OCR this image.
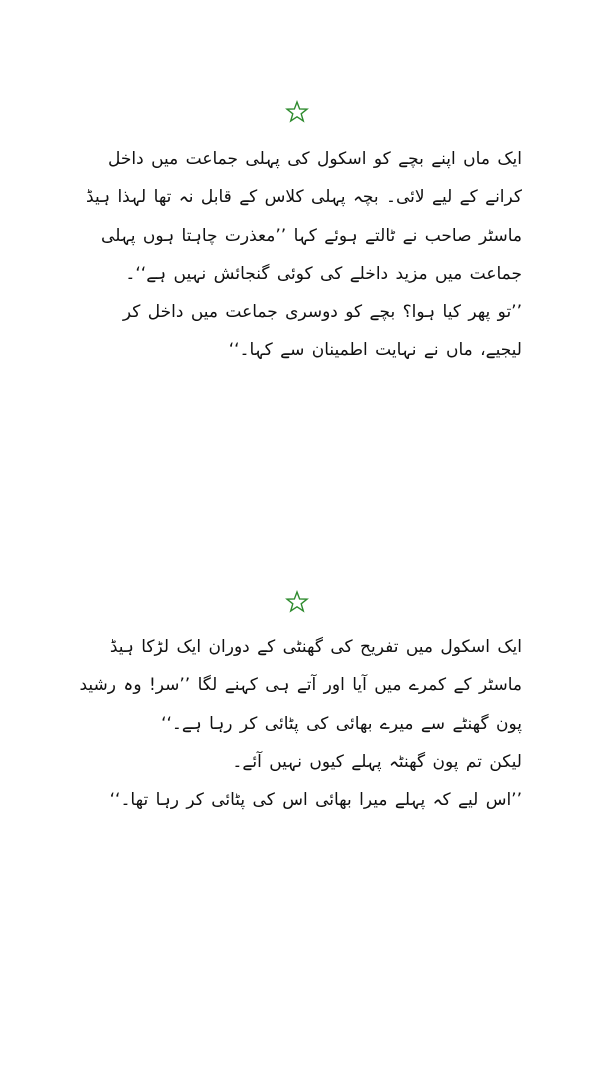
ایک ماں اپنے بچے کو اسکول کی پہلی جماعت میں داخل کرانے کے لیے لائی۔ بچہ پہلی کلاس کے قابل نہ تھا لہذا ہیڈ ماسٹر صاحب نے ٹالتے ہوئے کہا ’’معذرت چاہتا ہوں پہلی جماعت میں مزید داخلے کی کوئی گنجائش نہیں ہے‘‘۔

’’تو پھر کیا ہوا؟ بچے کو دوسری جماعت میں داخل کر لیجیے، ماں نے نہایت اطمینان سے کہا۔‘‘

ایک اسکول میں تفریح کی گھنٹی کے دوران ایک لڑکا ہیڈ ماسٹر کے کمرے میں آیا اور آتے ہی کہنے لگا ’’سر! وہ رشید پون گھنٹے سے میرے بھائی کی پٹائی کر رہا ہے۔‘‘

لیکن تم پون گھنٹہ پہلے کیوں نہیں آئے۔

’’اس لیے کہ پہلے میرا بھائی اس کی پٹائی کر رہا تھا۔‘‘
